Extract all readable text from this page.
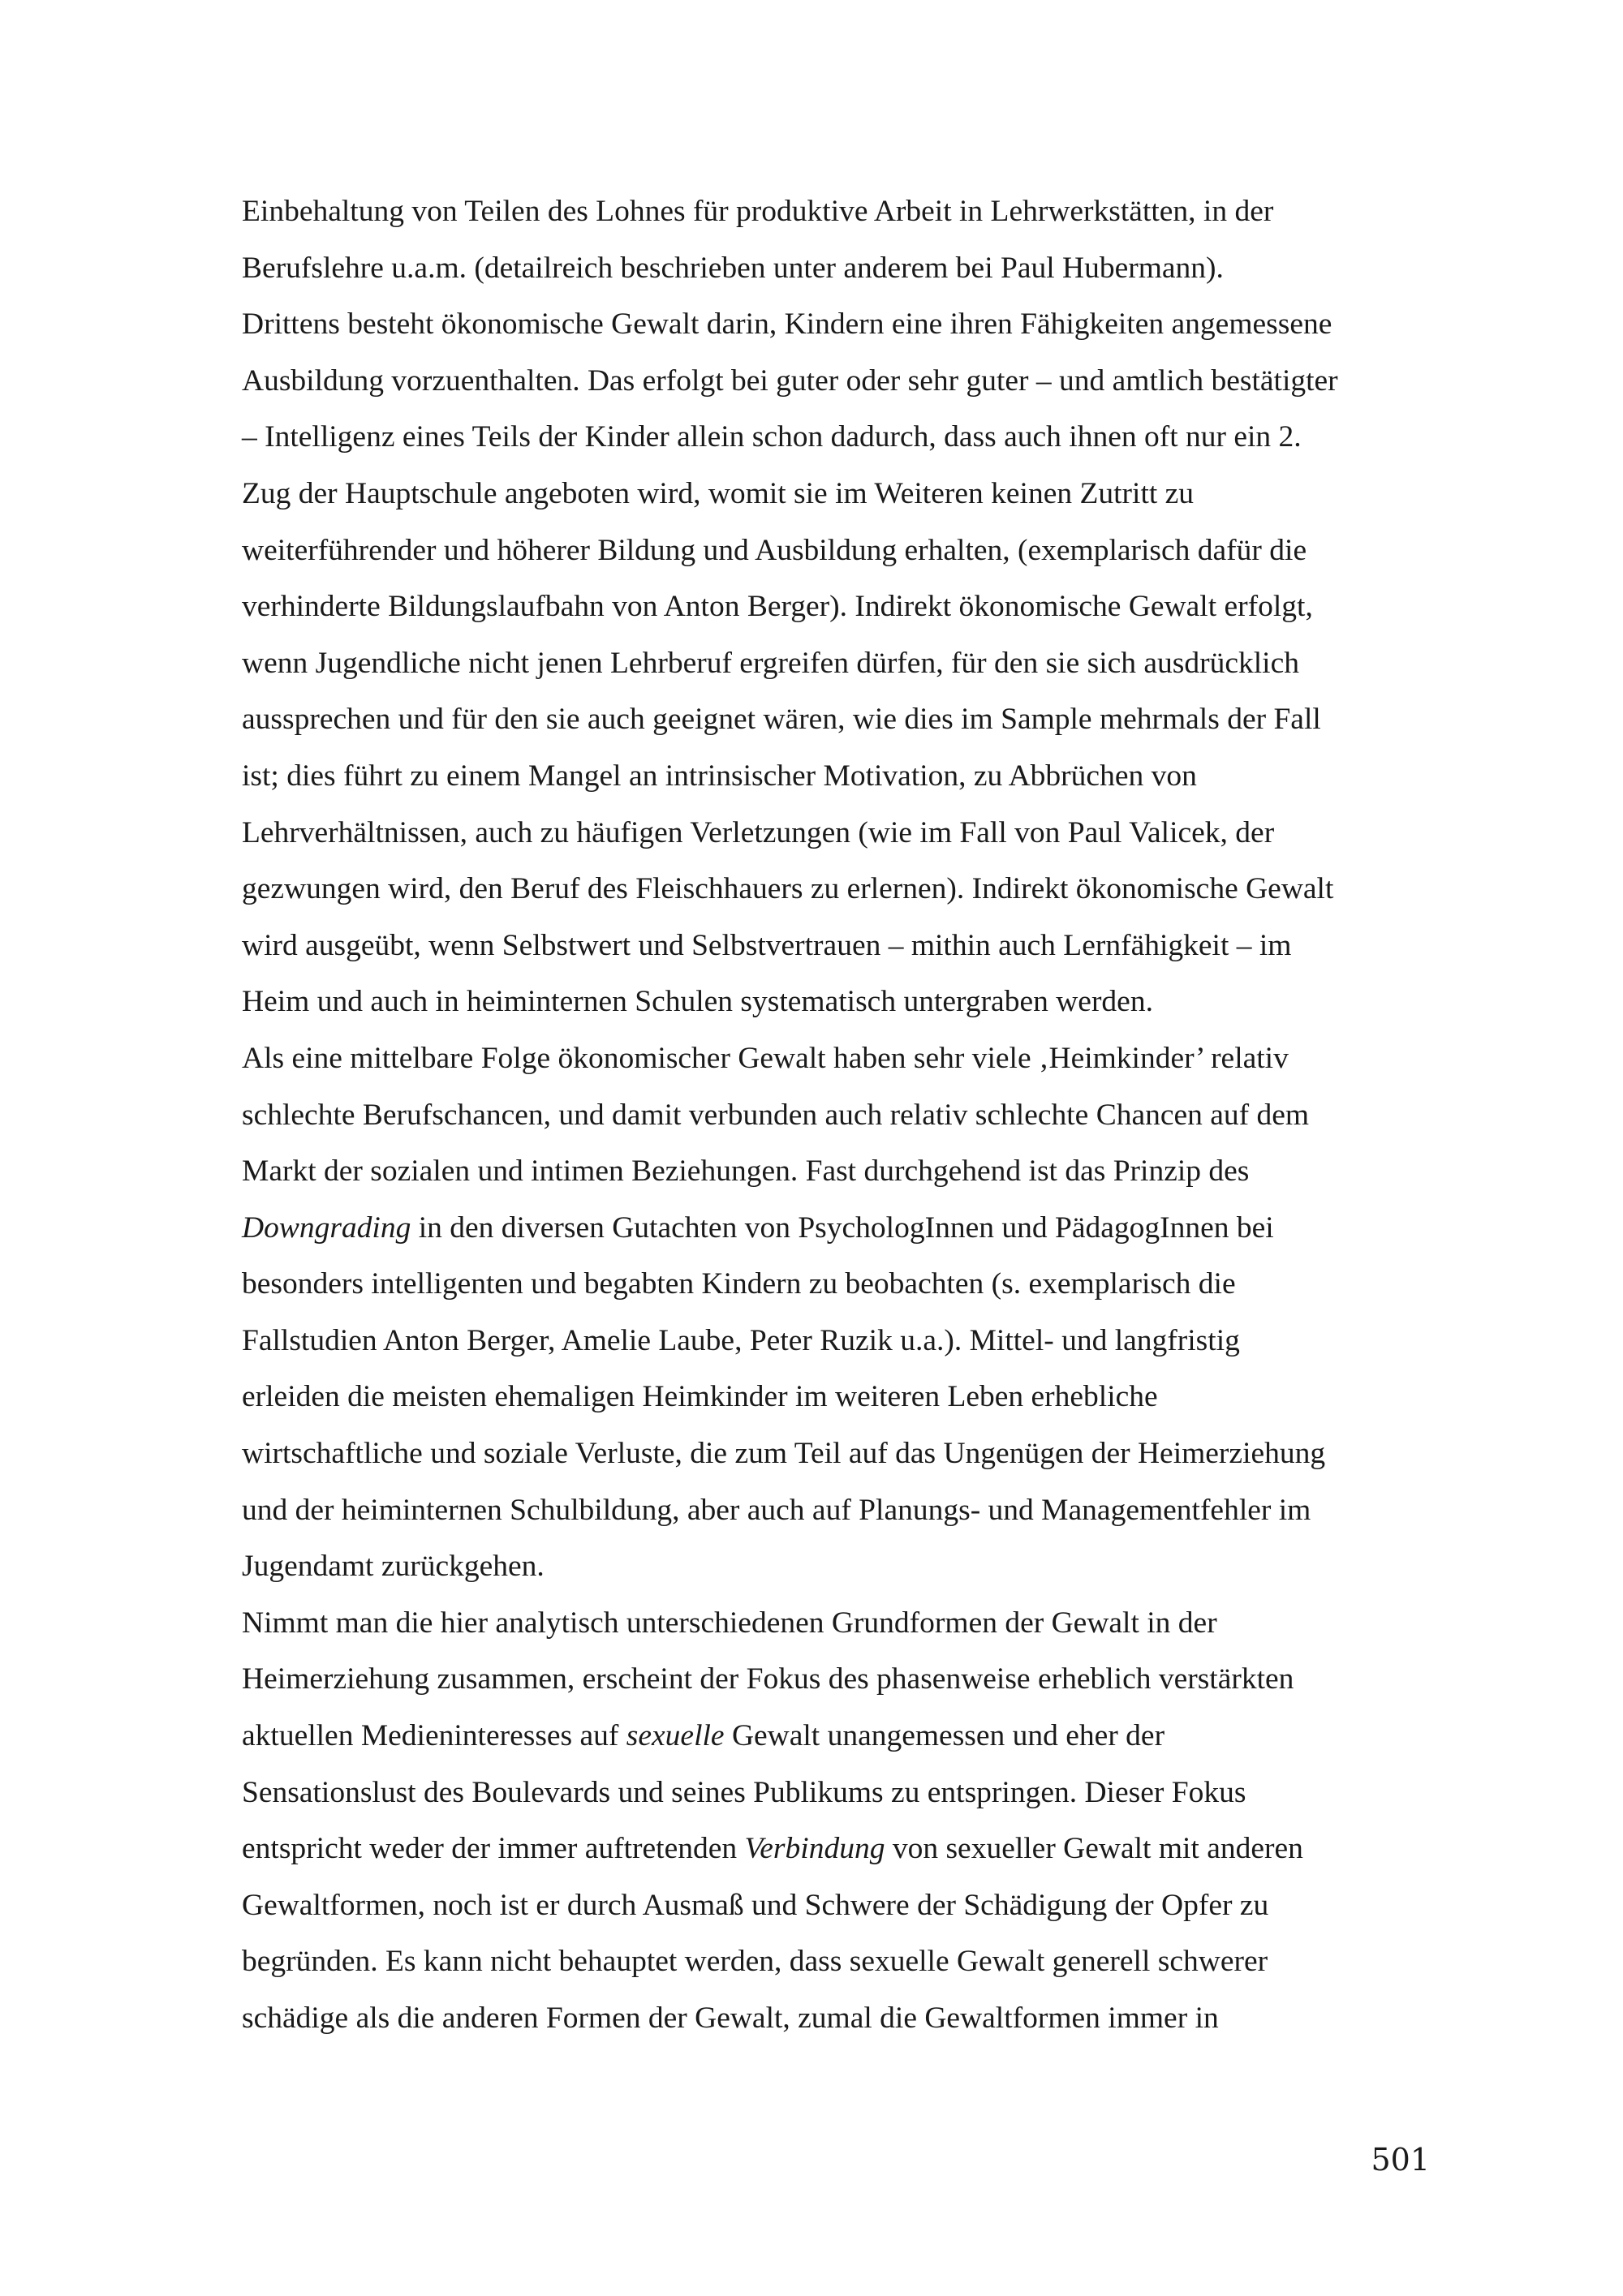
Einbehaltung von Teilen des Lohnes für produktive Arbeit in Lehrwerkstätten, in der
Berufslehre u.a.m. (detailreich beschrieben unter anderem bei Paul Hubermann).
Drittens besteht ökonomische Gewalt darin, Kindern eine ihren Fähigkeiten angemessene
Ausbildung vorzuenthalten. Das erfolgt bei guter oder sehr guter – und amtlich bestätigter
– Intelligenz eines Teils der Kinder allein schon dadurch, dass auch ihnen oft nur ein 2.
Zug der Hauptschule angeboten wird, womit sie im Weiteren keinen Zutritt zu
weiterführender und höherer Bildung und Ausbildung erhalten, (exemplarisch dafür die
verhinderte Bildungslaufbahn von Anton Berger). Indirekt ökonomische Gewalt erfolgt,
wenn Jugendliche nicht jenen Lehrberuf ergreifen dürfen, für den sie sich ausdrücklich
aussprechen und für den sie auch geeignet wären, wie dies im Sample mehrmals der Fall
ist; dies führt zu einem Mangel an intrinsischer Motivation, zu Abbrüchen von
Lehrverhältnissen, auch zu häufigen Verletzungen (wie im Fall von Paul Valicek, der
gezwungen wird, den Beruf des Fleischhauers zu erlernen). Indirekt ökonomische Gewalt
wird ausgeübt, wenn Selbstwert und Selbstvertrauen – mithin auch Lernfähigkeit – im
Heim und auch in heiminternen Schulen systematisch untergraben werden.
Als eine mittelbare Folge ökonomischer Gewalt haben sehr viele ‚Heimkinder’ relativ
schlechte Berufschancen, und damit verbunden auch relativ schlechte Chancen auf dem
Markt der sozialen und intimen Beziehungen. Fast durchgehend ist das Prinzip des
Downgrading in den diversen Gutachten von PsychologInnen und PädagogInnen bei
besonders intelligenten und begabten Kindern zu beobachten (s. exemplarisch die
Fallstudien Anton Berger, Amelie Laube, Peter Ruzik u.a.). Mittel- und langfristig
erleiden die meisten ehemaligen Heimkinder im weiteren Leben erhebliche
wirtschaftliche und soziale Verluste, die zum Teil auf das Ungenügen der Heimerziehung
und der heiminternen Schulbildung, aber auch auf Planungs- und Managementfehler im
Jugendamt zurückgehen.
Nimmt man die hier analytisch unterschiedenen Grundformen der Gewalt in der
Heimerziehung zusammen, erscheint der Fokus des phasenweise erheblich verstärkten
aktuellen Medieninteresses auf sexuelle Gewalt unangemessen und eher der
Sensationslust des Boulevards und seines Publikums zu entspringen. Dieser Fokus
entspricht weder der immer auftretenden Verbindung von sexueller Gewalt mit anderen
Gewaltformen, noch ist er durch Ausmaß und Schwere der Schädigung der Opfer zu
begründen. Es kann nicht behauptet werden, dass sexuelle Gewalt generell schwerer
schädige als die anderen Formen der Gewalt, zumal die Gewaltformen immer in
501
